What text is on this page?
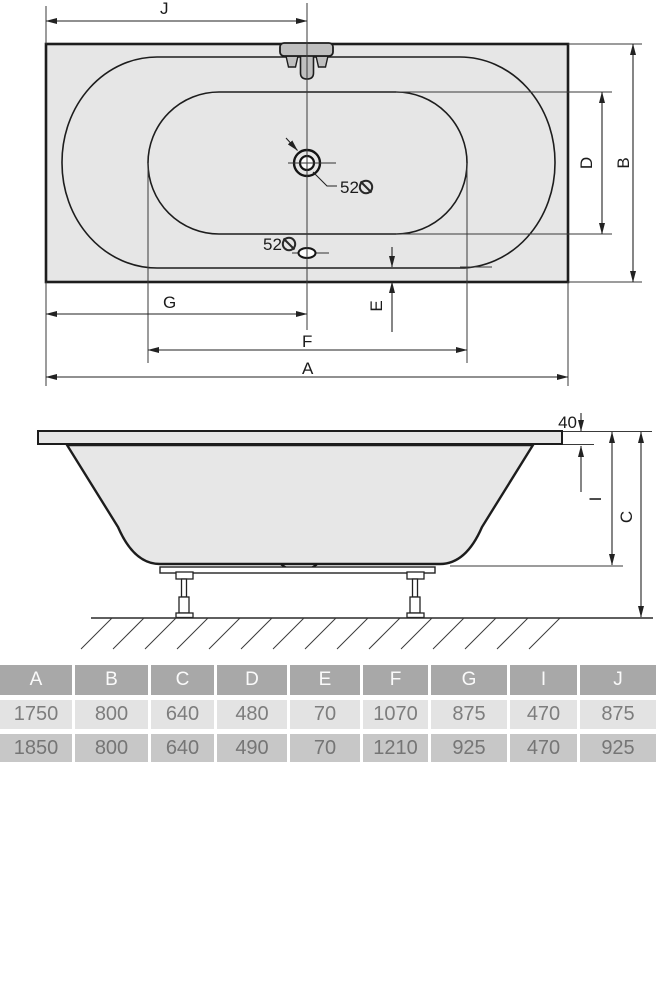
52
52
J
G
F
A
B
D
E
40
I
C
A	B	C	D	E	F	G	I	J
1750	800	640	480	70	1070	875	470	875
1850	800	640	490	70	1210	925	470	925
